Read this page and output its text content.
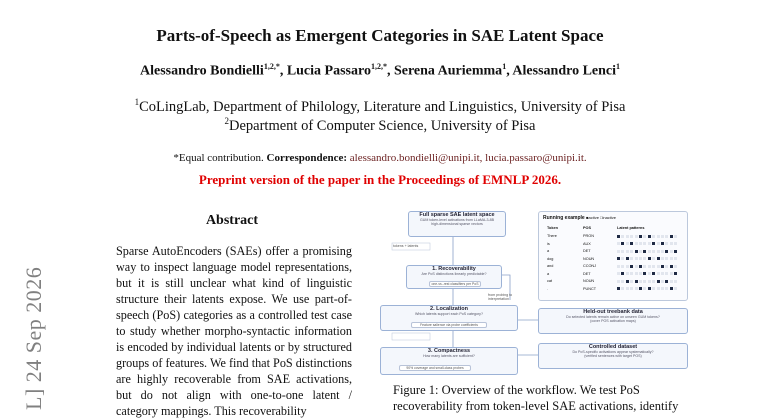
Parts-of-Speech as Emergent Categories in SAE Latent Space
Alessandro Bondielli$^{1,2,*}$, Lucia Passaro$^{1,2,*}$, Serena Auriemma$^1$, Alessandro Lenci$^1$
$^1$CoLingLab, Department of Philology, Literature and Linguistics, University of Pisa
$^2$Department of Computer Science, University of Pisa
*Equal contribution. Correspondence: alessandro.bondielli@unipi.it, lucia.passaro@unipi.it.
Preprint version of the paper in the Proceedings of EMNLP 2026.
L] 24 Sep 2026
Abstract
Sparse AutoEncoders (SAEs) offer a promising way to inspect language model representations, but it is still unclear what kind of linguistic structure their latents expose. We use part-of-speech (PoS) categories as a controlled test case to study whether morpho-syntactic information is encoded by individual latents or by structured groups of features. We find that PoS distinctions are highly recoverable from SAE activations, but do not align with one-to-one latent / category mappings. This recoverability
Full sparse SAE latent space
GUM token-level activations from LLaMA-3-8B
high-dimensional sparse vectors
tokens + latents
1. Recoverability
Are PoS distinctions linearly predictable?
one-vs.-rest classifiers per PoS
from probing to interpretation
2. Localization
Which latents support each PoS category?
Feature salience via probe coefficients
3. Compactness
How many latents are sufficient?
90% coverage and small-class probes
Held-out treebank data
Do selected latents remain active on unseen GUM tokens?
(cover POS activation maps)
Controlled dataset
Do PoS-specific activations appear systematically?
(verified sentences with target POS)
Running example ■active □inactive
Token	POS	Latent patterns
There	PRON
is	AUX
a	DET
dog	NOUN
and	CCONJ
a	DET
cat	NOUN
.	PUNCT
Figure 1: Overview of the workflow. We test PoS recoverability from token-level SAE activations, identify
